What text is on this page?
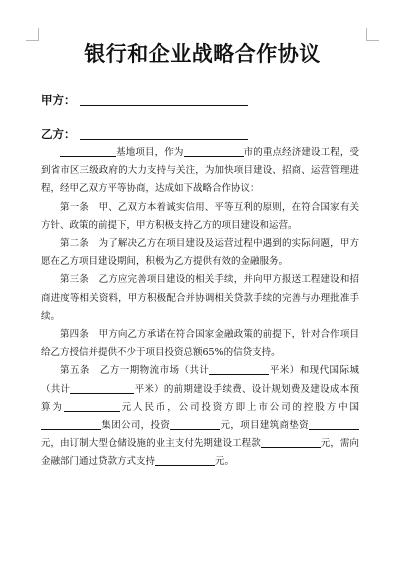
银行和企业战略合作协议
甲方：
乙方：

基地项目，作为	市的重点经济建设工程，受到省市区三级政府的大力支持与关注，为加快项目建设、招商、运营管理进程，经甲乙双方平等协商，达成如下战略合作协议：

第一条　甲、乙双方本着诚实信用、平等互利的原则，在符合国家有关方针、政策的前提下，甲方积极支持乙方的项目建设和运营。

第二条　为了解决乙方在项目建设及运营过程中遇到的实际问题，甲方愿在乙方项目建设期间，积极为乙方提供有效的金融服务。

第三条　乙方应完善项目建设的相关手续，并向甲方报送工程建设和招商进度等相关资料，甲方积极配合并协调相关贷款手续的完善与办理批准手续。

第四条　甲方向乙方承诺在符合国家金融政策的前提下，针对合作项目给乙方授信并提供不少于项目投资总额65%的信贷支持。

第五条　乙方一期物流市场（共计	平米）和现代国际城（共计	平米）的前期建设手续费、设计规划费及建设成本预算为	元人民币，公司投资方即上市公司的控股方中国集团公司，投资	元，项目建筑商垫资元，由订制大型仓储设施的业主支付先期建设工程款	元，需向金融部门通过贷款方式支持	元。
